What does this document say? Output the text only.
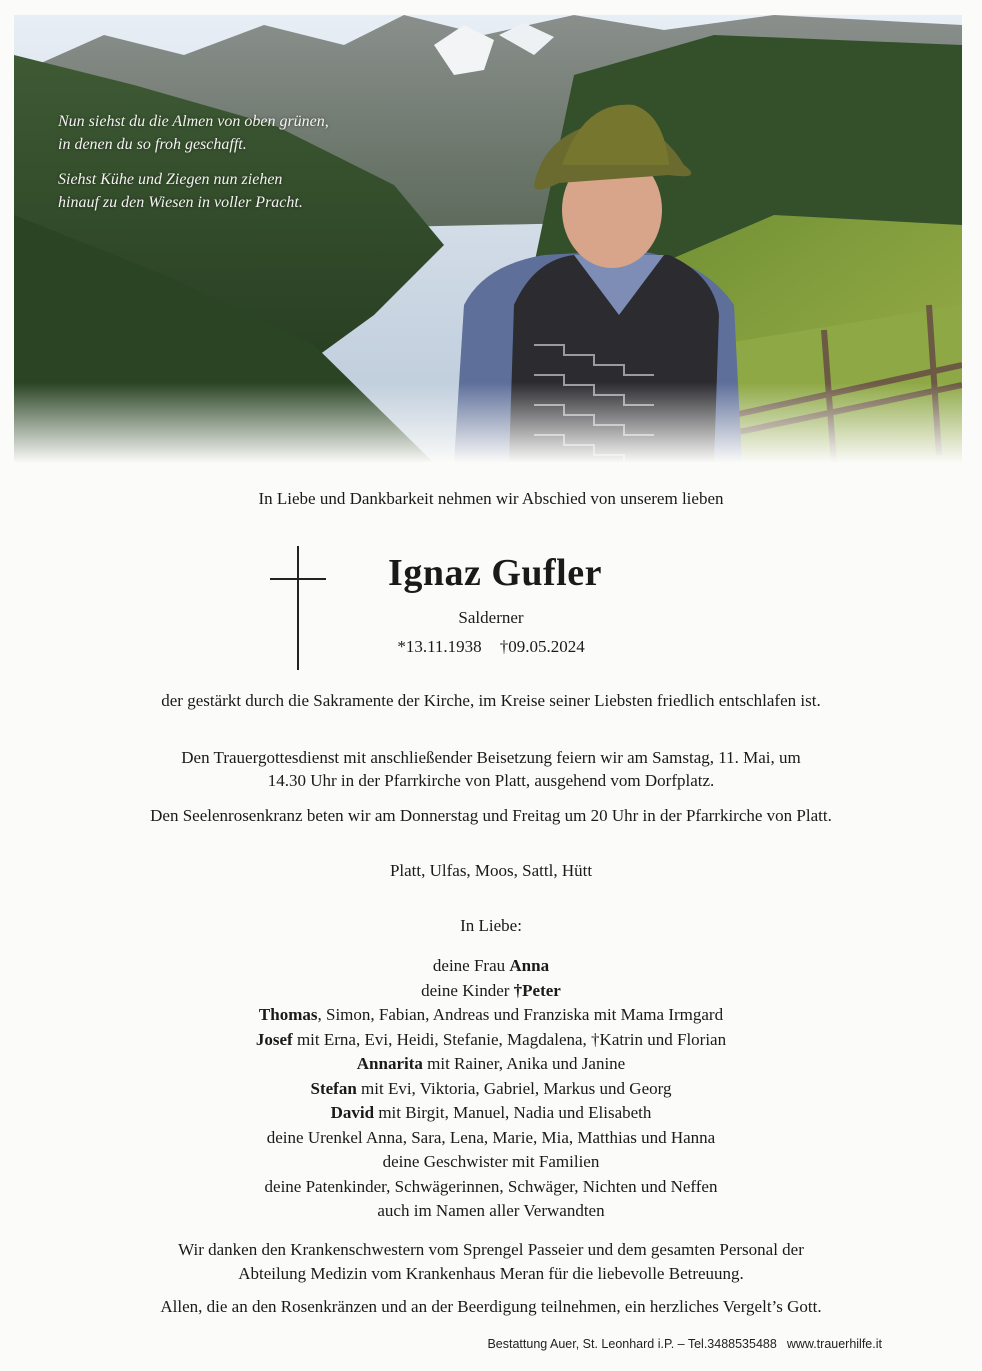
Nun siehst du die Almen von oben grünen,
in denen du so froh geschafft.

Siehst Kühe und Ziegen nun ziehen
hinauf zu den Wiesen in voller Pracht.

In Liebe und Dankbarkeit nehmen wir Abschied von unserem lieben
Ignaz Gufler
Salderner
*13.11.1938 †09.05.2024
der gestärkt durch die Sakramente der Kirche, im Kreise seiner Liebsten friedlich entschlafen ist.
Den Trauergottesdienst mit anschließender Beisetzung feiern wir am Samstag, 11. Mai, um
14.30 Uhr in der Pfarrkirche von Platt, ausgehend vom Dorfplatz.
Den Seelenrosenkranz beten wir am Donnerstag und Freitag um 20 Uhr in der Pfarrkirche von Platt.
Platt, Ulfas, Moos, Sattl, Hütt
In Liebe:
deine Frau Anna
deine Kinder †Peter
Thomas, Simon, Fabian, Andreas und Franziska mit Mama Irmgard
Josef mit Erna, Evi, Heidi, Stefanie, Magdalena, †Katrin und Florian
Annarita mit Rainer, Anika und Janine
Stefan mit Evi, Viktoria, Gabriel, Markus und Georg
David mit Birgit, Manuel, Nadia und Elisabeth
deine Urenkel Anna, Sara, Lena, Marie, Mia, Matthias und Hanna
deine Geschwister mit Familien
deine Patenkinder, Schwägerinnen, Schwäger, Nichten und Neffen
auch im Namen aller Verwandten
Wir danken den Krankenschwestern vom Sprengel Passeier und dem gesamten Personal der
Abteilung Medizin vom Krankenhaus Meran für die liebevolle Betreuung.
Allen, die an den Rosenkränzen und an der Beerdigung teilnehmen, ein herzliches Vergelt’s Gott.
Bestattung Auer, St. Leonhard i.P. – Tel.3488535488 www.trauerhilfe.it
